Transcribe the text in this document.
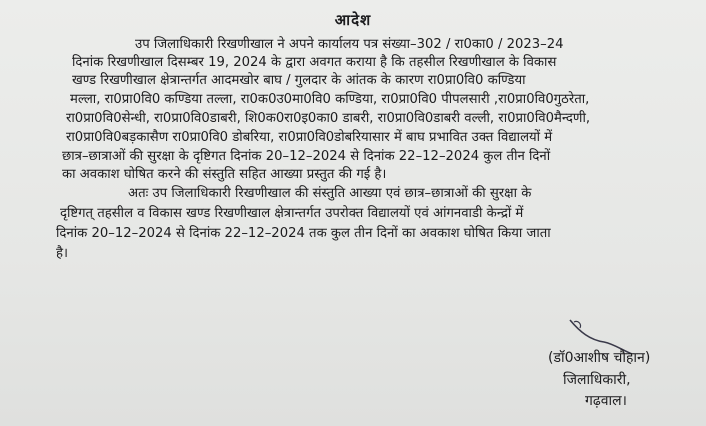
आदेश
उप जिलाधिकारी रिखणीखाल ने अपने कार्यालय पत्र संख्या–302 / रा0का0 / 2023–24
दिनांक रिखणीखाल दिसम्बर 19, 2024 के द्वारा अवगत कराया है कि तहसील रिखणीखाल के विकास
खण्ड रिखणीखाल क्षेत्रान्तर्गत आदमखोर बाघ / गुलदार के आंतक के कारण रा0प्रा0वि0 कण्डिया
मल्ला, रा0प्रा0वि0 कण्डिया तल्ला, रा0क0उ0मा0वि0 कण्डिया, रा0प्रा0वि0 पीपलसारी ,रा0प्रा0वि0गुठरेता,
रा0प्रा0वि0सेन्धी, रा0प्रा0वि0डाबरी, शि0क0रा0इ0का0 डाबरी, रा0प्रा0वि0डाबरी वल्ली, रा0प्रा0वि0मैन्दणी,
रा0प्रा0वि0बड़कासैण रा0प्रा0वि0 डोबरिया, रा0प्रा0वि0डोबरियासार में बाघ प्रभावित उक्त विद्यालयों में
छात्र–छात्राओं की सुरक्षा के दृष्टिगत दिनांक 20–12–2024 से दिनांक 22–12–2024 कुल तीन दिनों
का अवकाश घोषित करने की संस्तुति सहित आख्या प्रस्तुत की गई है।
अतः उप जिलाधिकारी रिखणीखाल की संस्तुति आख्या एवं छात्र–छात्राओं की सुरक्षा के
दृष्टिगत् तहसील व विकास खण्ड रिखणीखाल क्षेत्रान्तर्गत उपरोक्त विद्यालयों एवं आंगनवाडी केन्द्रों में
दिनांक 20–12–2024 से दिनांक 22–12–2024 तक कुल तीन दिनों का अवकाश घोषित किया जाता
है।
(डॉ0आशीष चौहान)
जिलाधिकारी,
गढ़वाल।
